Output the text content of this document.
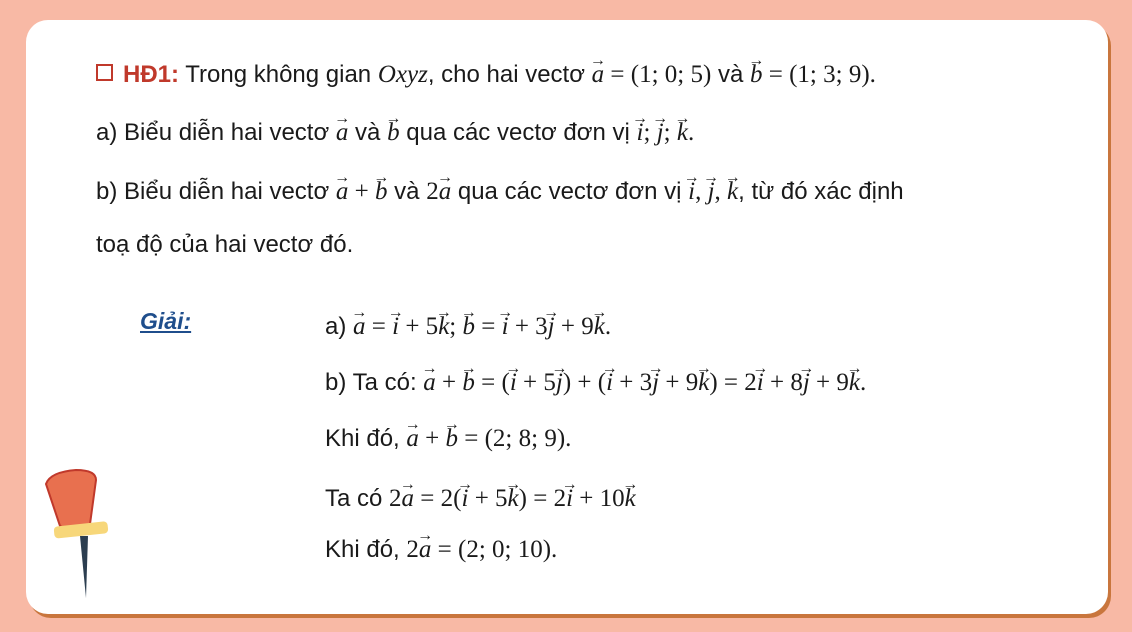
HĐ1: Trong không gian Oxyz, cho hai vectơ → a = (1; 0; 5) và → b = (1; 3; 9).
a) Biểu diễn hai vectơ → a và → b qua các vectơ đơn vị → i; → j; → k.
b) Biểu diễn hai vectơ → a + → b và 2→ a qua các vectơ đơn vị → i, → j, → k, từ đó xác định
toạ độ của hai vectơ đó.
Giải:	a) → a = → i + 5→ k; → b = → i + 3→ j + 9→ k.
b) Ta có: → a + → b = (→ i + 5→ j) + (→ i + 3→ j + 9→ k) = 2→ i + 8→ j + 9→ k.
Khi đó, → a + → b = (2; 8; 9).
Ta có 2→ a = 2(→ i + 5→ k) = 2→ i + 10→ k
Khi đó, 2→ a = (2; 0; 10).
